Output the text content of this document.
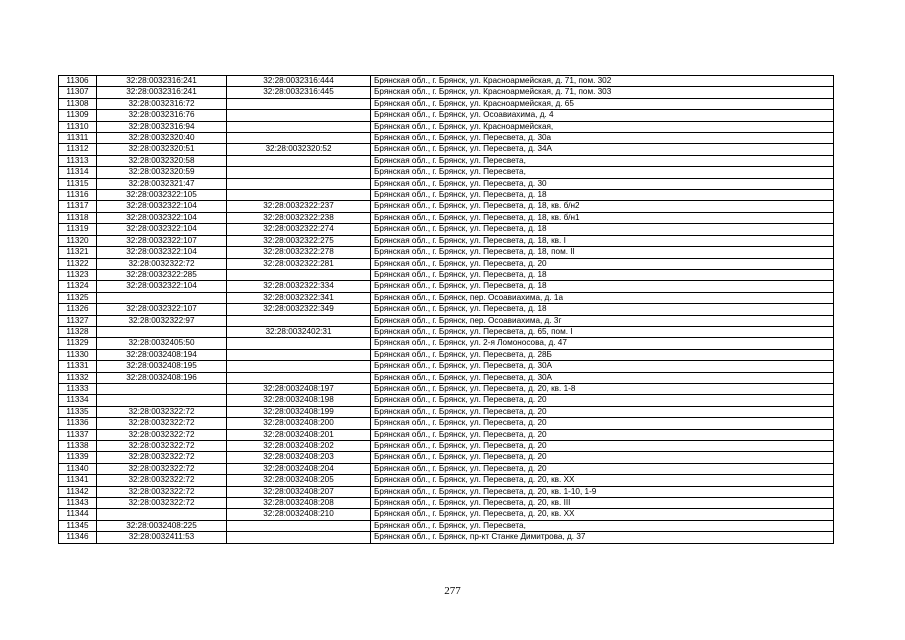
11306	32:28:0032316:241	32:28:0032316:444	Брянская обл., г. Брянск, ул. Красноармейская, д. 71, пом. 302
11307	32:28:0032316:241	32:28:0032316:445	Брянская обл., г. Брянск, ул. Красноармейская, д. 71, пом. 303
11308	32:28:0032316:72		Брянская обл., г. Брянск, ул. Красноармейская, д. 65
11309	32:28:0032316:76		Брянская обл., г. Брянск, ул. Осоавиахима, д. 4
11310	32:28:0032316:94		Брянская обл., г. Брянск, ул. Красноармейская,
11311	32:28:0032320:40		Брянская обл., г. Брянск, ул. Пересвета, д. 30а
11312	32:28:0032320:51	32:28:0032320:52	Брянская обл., г. Брянск, ул. Пересвета, д. 34А
11313	32:28:0032320:58		Брянская обл., г. Брянск, ул. Пересвета,
11314	32:28:0032320:59		Брянская обл., г. Брянск, ул. Пересвета,
11315	32:28:0032321:47		Брянская обл., г. Брянск, ул. Пересвета, д. 30
11316	32:28:0032322:105		Брянская обл., г. Брянск, ул. Пересвета, д. 18
11317	32:28:0032322:104	32:28:0032322:237	Брянская обл., г. Брянск, ул. Пересвета, д. 18, кв. б/н2
11318	32:28:0032322:104	32:28:0032322:238	Брянская обл., г. Брянск, ул. Пересвета, д. 18, кв. б/н1
11319	32:28:0032322:104	32:28:0032322:274	Брянская обл., г. Брянск, ул. Пересвета, д. 18
11320	32:28:0032322:107	32:28:0032322:275	Брянская обл., г. Брянск, ул. Пересвета, д. 18, кв. I
11321	32:28:0032322:104	32:28:0032322:278	Брянская обл., г. Брянск, ул. Пересвета, д. 18, пом. II
11322	32:28:0032322:72	32:28:0032322:281	Брянская обл., г. Брянск, ул. Пересвета, д. 20
11323	32:28:0032322:285		Брянская обл., г. Брянск, ул. Пересвета, д. 18
11324	32:28:0032322:104	32:28:0032322:334	Брянская обл., г. Брянск, ул. Пересвета, д. 18
11325		32:28:0032322:341	Брянская обл., г. Брянск, пер. Осоавиахима, д. 1а
11326	32:28:0032322:107	32:28:0032322:349	Брянская обл., г. Брянск, ул. Пересвета, д. 18
11327	32:28:0032322:97		Брянская обл., г. Брянск, пер. Осоавиахима, д. 3г
11328		32:28:0032402:31	Брянская обл., г. Брянск, ул. Пересвета, д. 65, пом. I
11329	32:28:0032405:50		Брянская обл., г. Брянск, ул. 2-я Ломоносова, д. 47
11330	32:28:0032408:194		Брянская обл., г. Брянск, ул. Пересвета, д. 28Б
11331	32:28:0032408:195		Брянская обл., г. Брянск, ул. Пересвета, д. 30А
11332	32:28:0032408:196		Брянская обл., г. Брянск, ул. Пересвета, д. 30А
11333		32:28:0032408:197	Брянская обл., г. Брянск, ул. Пересвета, д. 20, кв. 1-8
11334		32:28:0032408:198	Брянская обл., г. Брянск, ул. Пересвета, д. 20
11335	32:28:0032322:72	32:28:0032408:199	Брянская обл., г. Брянск, ул. Пересвета, д. 20
11336	32:28:0032322:72	32:28:0032408:200	Брянская обл., г. Брянск, ул. Пересвета, д. 20
11337	32:28:0032322:72	32:28:0032408:201	Брянская обл., г. Брянск, ул. Пересвета, д. 20
11338	32:28:0032322:72	32:28:0032408:202	Брянская обл., г. Брянск, ул. Пересвета, д. 20
11339	32:28:0032322:72	32:28:0032408:203	Брянская обл., г. Брянск, ул. Пересвета, д. 20
11340	32:28:0032322:72	32:28:0032408:204	Брянская обл., г. Брянск, ул. Пересвета, д. 20
11341	32:28:0032322:72	32:28:0032408:205	Брянская обл., г. Брянск, ул. Пересвета, д. 20, кв. XX
11342	32:28:0032322:72	32:28:0032408:207	Брянская обл., г. Брянск, ул. Пересвета, д. 20, кв. 1-10, 1-9
11343	32:28:0032322:72	32:28:0032408:208	Брянская обл., г. Брянск, ул. Пересвета, д. 20, кв. III
11344		32:28:0032408:210	Брянская обл., г. Брянск, ул. Пересвета, д. 20, кв. XX
11345	32:28:0032408:225		Брянская обл., г. Брянск, ул. Пересвета,
11346	32:28:0032411:53		Брянская обл., г. Брянск, пр-кт Станке Димитрова, д. 37
277
